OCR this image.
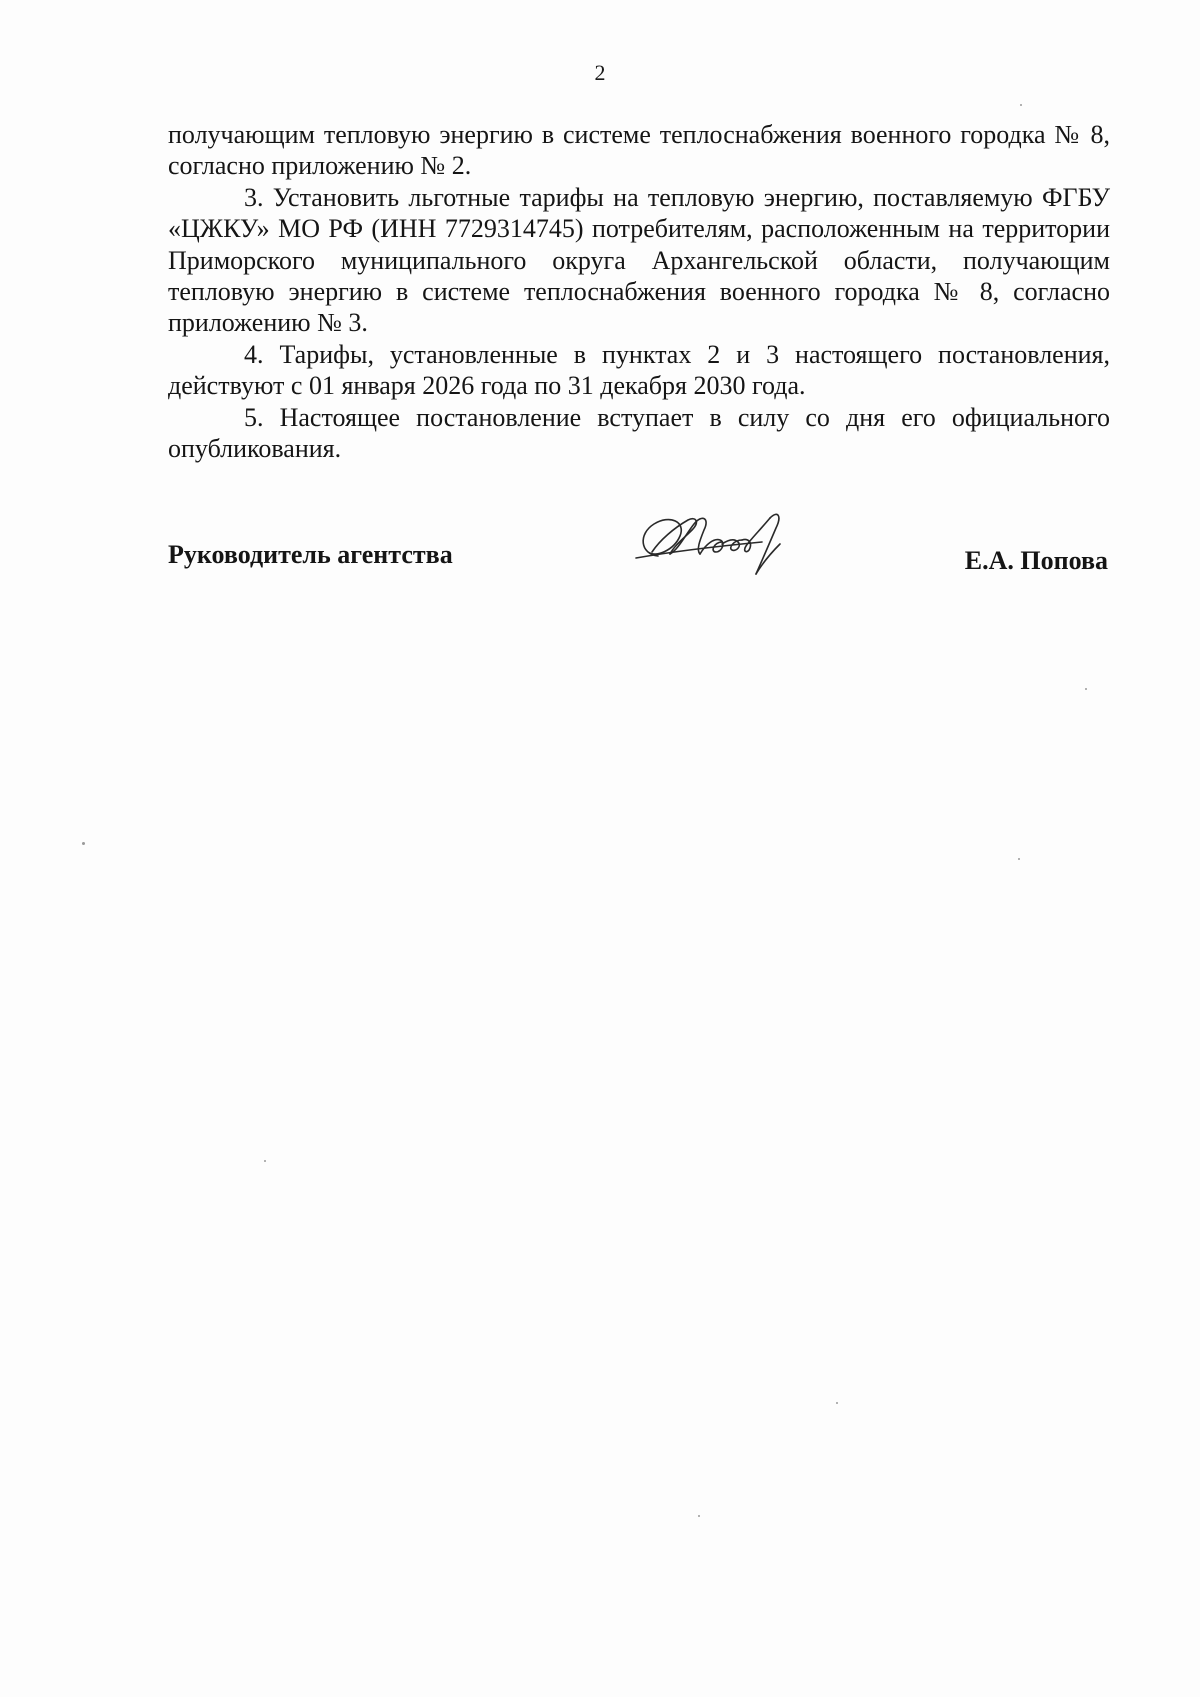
2

получающим тепловую энергию в системе теплоснабжения военного городка № 8, согласно приложению № 2.

3. Установить льготные тарифы на тепловую энергию, поставляемую ФГБУ «ЦЖКУ» МО РФ (ИНН 7729314745) потребителям, расположенным на территории Приморского муниципального округа Архангельской области, получающим тепловую энергию в системе теплоснабжения военного городка № 8, согласно приложению № 3.

4. Тарифы, установленные в пунктах 2 и 3 настоящего постановления, действуют с 01 января 2026 года по 31 декабря 2030 года.

5. Настоящее постановление вступает в силу со дня его официального опубликования.

Руководитель агентства	Е.А. Попова
